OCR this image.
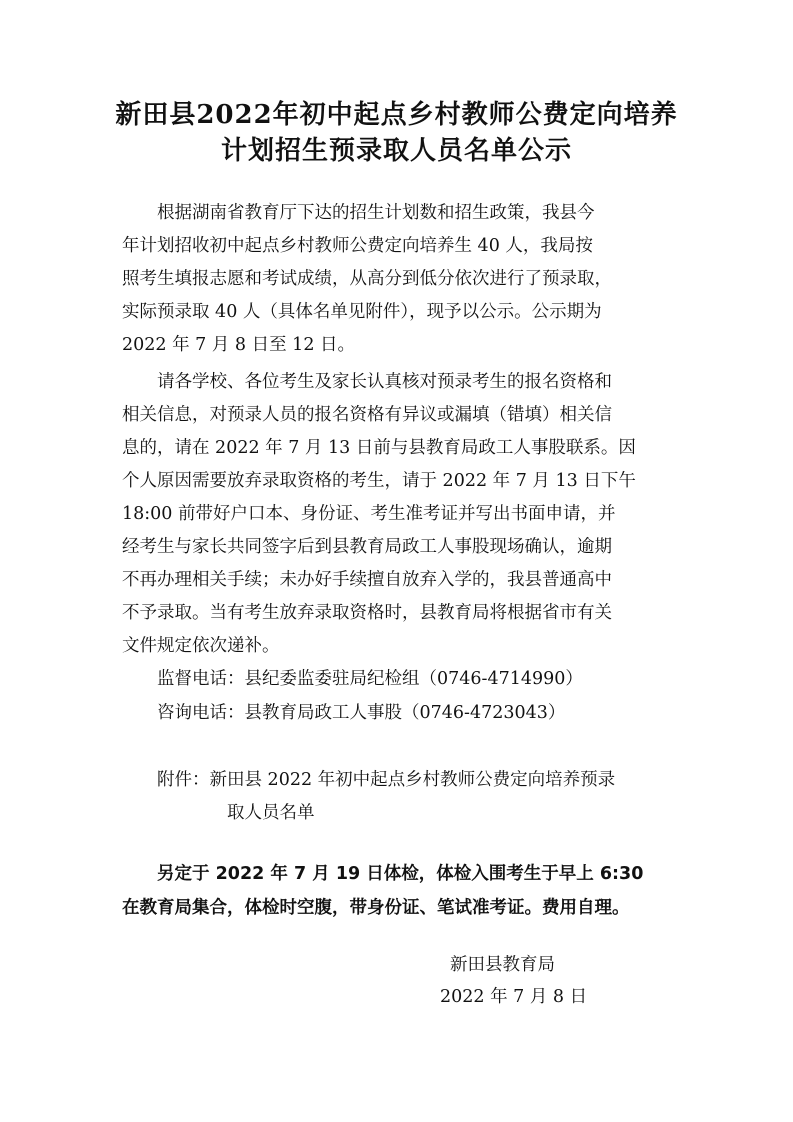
新田县2022年初中起点乡村教师公费定向培养
计划招生预录取人员名单公示
根据湖南省教育厅下达的招生计划数和招生政策，我县今
年计划招收初中起点乡村教师公费定向培养生 40 人，我局按
照考生填报志愿和考试成绩，从高分到低分依次进行了预录取，
实际预录取 40 人（具体名单见附件），现予以公示。公示期为
2022 年 7 月 8 日至 12 日。
请各学校、各位考生及家长认真核对预录考生的报名资格和
相关信息，对预录人员的报名资格有异议或漏填（错填）相关信
息的，请在 2022 年 7 月 13 日前与县教育局政工人事股联系。因
个人原因需要放弃录取资格的考生，请于 2022 年 7 月 13 日下午
18:00 前带好户口本、身份证、考生准考证并写出书面申请，并
经考生与家长共同签字后到县教育局政工人事股现场确认，逾期
不再办理相关手续；未办好手续擅自放弃入学的，我县普通高中
不予录取。当有考生放弃录取资格时，县教育局将根据省市有关
文件规定依次递补。
监督电话：县纪委监委驻局纪检组（0746-4714990）
咨询电话：县教育局政工人事股（0746-4723043）
附件：新田县 2022 年初中起点乡村教师公费定向培养预录
取人员名单
另定于 2022 年 7 月 19 日体检，体检入围考生于早上 6:30
在教育局集合，体检时空腹，带身份证、笔试准考证。费用自理。
新田县教育局
2022 年 7 月 8 日
